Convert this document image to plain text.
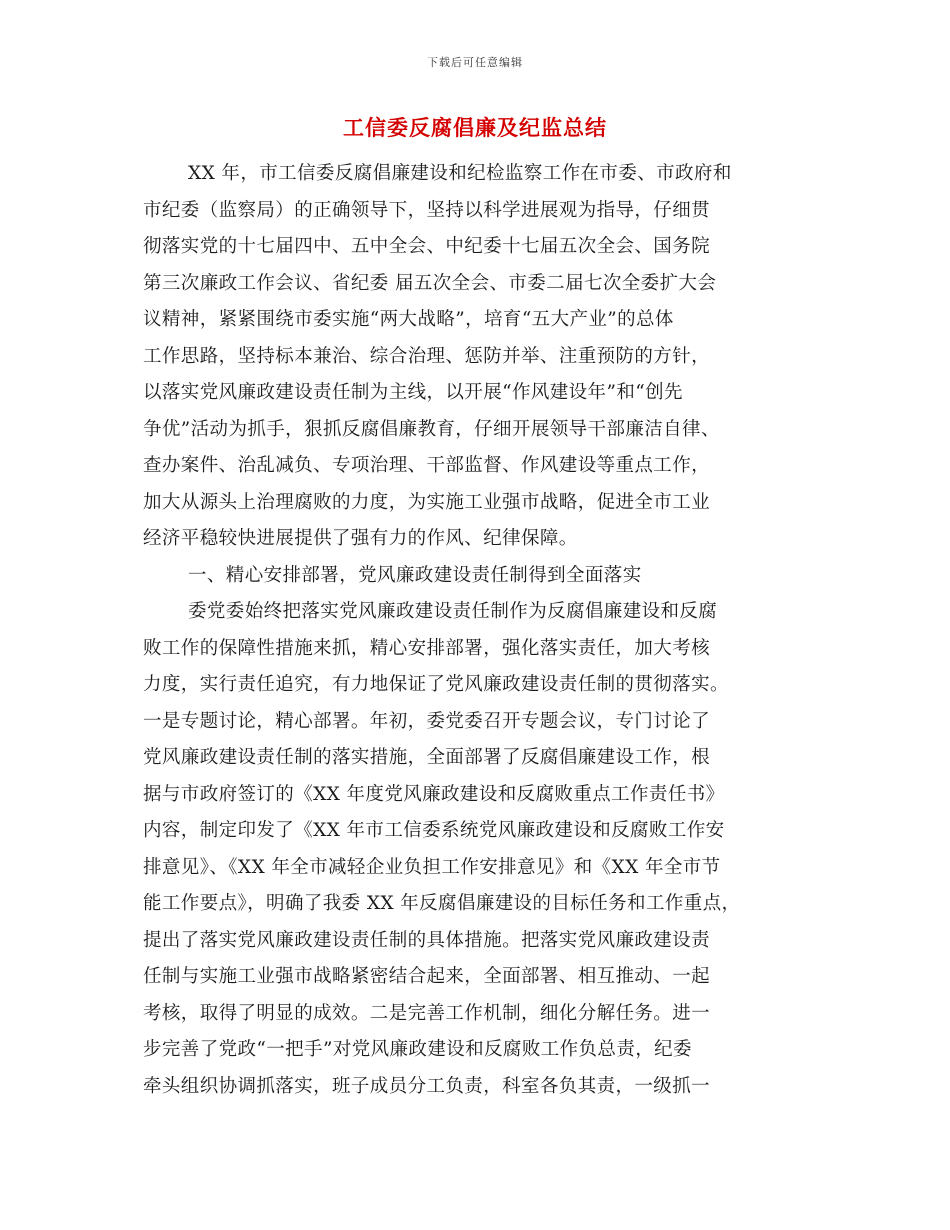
下载后可任意编辑
工信委反腐倡廉及纪监总结
XX 年，市工信委反腐倡廉建设和纪检监察工作在市委、市政府和
市纪委（监察局）的正确领导下，坚持以科学进展观为指导，仔细贯
彻落实党的十七届四中、五中全会、中纪委十七届五次全会、国务院
第三次廉政工作会议、省纪委 届五次全会、市委二届七次全委扩大会
议精神，紧紧围绕市委实施“两大战略”，培育“五大产业”的总体
工作思路，坚持标本兼治、综合治理、惩防并举、注重预防的方针，
以落实党风廉政建设责任制为主线，以开展“作风建设年”和“创先
争优”活动为抓手，狠抓反腐倡廉教育，仔细开展领导干部廉洁自律、
查办案件、治乱减负、专项治理、干部监督、作风建设等重点工作，
加大从源头上治理腐败的力度，为实施工业强市战略，促进全市工业
经济平稳较快进展提供了强有力的作风、纪律保障。
一、精心安排部署，党风廉政建设责任制得到全面落实
委党委始终把落实党风廉政建设责任制作为反腐倡廉建设和反腐
败工作的保障性措施来抓，精心安排部署，强化落实责任，加大考核
力度，实行责任追究，有力地保证了党风廉政建设责任制的贯彻落实。
一是专题讨论，精心部署。年初，委党委召开专题会议，专门讨论了
党风廉政建设责任制的落实措施，全面部署了反腐倡廉建设工作，根
据与市政府签订的《XX 年度党风廉政建设和反腐败重点工作责任书》
内容，制定印发了《XX 年市工信委系统党风廉政建设和反腐败工作安
排意见》、《XX 年全市减轻企业负担工作安排意见》和《XX 年全市节
能工作要点》，明确了我委 XX 年反腐倡廉建设的目标任务和工作重点，
提出了落实党风廉政建设责任制的具体措施。把落实党风廉政建设责
任制与实施工业强市战略紧密结合起来，全面部署、相互推动、一起
考核，取得了明显的成效。二是完善工作机制，细化分解任务。进一
步完善了党政“一把手”对党风廉政建设和反腐败工作负总责，纪委
牵头组织协调抓落实，班子成员分工负责，科室各负其责，一级抓一
